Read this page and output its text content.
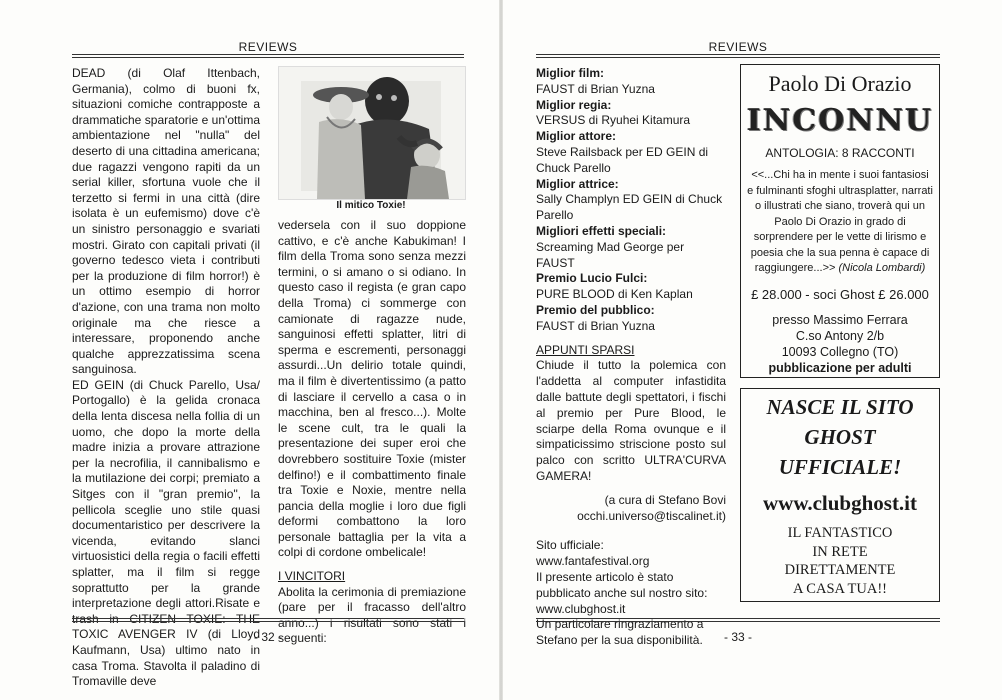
REVIEWS

DEAD (di Olaf Ittenbach, Germania), colmo di buoni fx, situazioni comiche contrapposte a drammatiche sparatorie e un'ottima ambientazione nel "nulla" del deserto di una cittadina americana; due ragazzi vengono rapiti da un serial killer, sfortuna vuole che il terzetto si fermi in una città (dire isolata è un eufemismo) dove c'è un sinistro personaggio e svariati mostri. Girato con capitali privati (il governo tedesco vieta i contributi per la produzione di film horror!) è un ottimo esempio di horror d'azione, con una trama non molto originale ma che riesce a interessare, proponendo anche qualche apprezzatissima scena sanguinosa.

ED GEIN (di Chuck Parello, Usa/ Portogallo) è la gelida cronaca della lenta discesa nella follia di un uomo, che dopo la morte della madre inizia a provare attrazione per la necrofilia, il cannibalismo e la mutilazione dei corpi; premiato a Sitges con il "gran premio", la pellicola sceglie uno stile quasi documentaristico per descrivere la vicenda, evitando slanci virtuosistici della regia o facili effetti splatter, ma il film si regge soprattutto per la grande interpretazione degli attori.Risate e trash in CITIZEN TOXIE: THE TOXIC AVENGER IV (di Lloyd Kaufmann, Usa) ultimo nato in casa Troma. Stavolta il paladino di Tromaville deve

Il mitico Toxie!

vedersela con il suo doppione cattivo, e c'è anche Kabukiman! I film della Troma sono senza mezzi termini, o si amano o si odiano. In questo caso il regista (e gran capo della Troma) ci sommerge con camionate di ragazze nude, sanguinosi effetti splatter, litri di sperma e escrementi, personaggi assurdi...Un delirio totale quindi, ma il film è divertentissimo (a patto di lasciare il cervello a casa o in macchina, ben al fresco...). Molte le scene cult, tra le quali la presentazione dei super eroi che dovrebbero sostituire Toxie (mister delfino!) e il combattimento finale tra Toxie e Noxie, mentre nella pancia della moglie i loro due figli deformi combattono la loro personale battaglia per la vita a colpi di cordone ombelicale!

I VINCITORI

Abolita la cerimonia di premiazione (pare per il fracasso dell'altro anno...) i risultati sono stati i seguenti:

- 32 -
REVIEWS
Miglior film:
FAUST di Brian Yuzna
Miglior regia:
VERSUS di Ryuhei Kitamura
Miglior attore:
Steve Railsback per ED GEIN di Chuck Parello
Miglior attrice:
Sally Champlyn ED GEIN di Chuck Parello
Migliori effetti speciali:
Screaming Mad George per FAUST
Premio Lucio Fulci:
PURE BLOOD di Ken Kaplan
Premio del pubblico:
FAUST di Brian Yuzna
APPUNTI SPARSI
Chiude il tutto la polemica con l'addetta al computer infastidita dalle battute degli spettatori, i fischi al premio per Pure Blood, le sciarpe della Roma ovunque e il simpaticissimo striscione posto sul palco con scritto ULTRA'CURVA GAMERA!
(a cura di Stefano Bovi
occhi.universo@tiscalinet.it)
Sito ufficiale:
www.fantafestival.org
Il presente articolo è stato pubblicato anche sul nostro sito:
www.clubghost.it
Un particolare ringraziamento a Stefano per la sua disponibilità.
Paolo Di Orazio
INCONNU
ANTOLOGIA: 8 RACCONTI
<<...Chi ha in mente i suoi fantasiosi e fulminanti sfoghi ultrasplatter, narrati o illustrati che siano, troverà qui un Paolo Di Orazio in grado di sorprendere per le vette di lirismo e poesia che la sua penna è capace di raggiungere...>> (Nicola Lombardi)
£ 28.000 - soci Ghost £ 26.000
presso Massimo Ferrara
C.so Antony 2/b
10093 Collegno (TO)
pubblicazione per adulti
NASCE IL SITO
GHOST
UFFICIALE!
www.clubghost.it
IL FANTASTICO
IN RETE
DIRETTAMENTE
A CASA TUA!!
- 33 -
